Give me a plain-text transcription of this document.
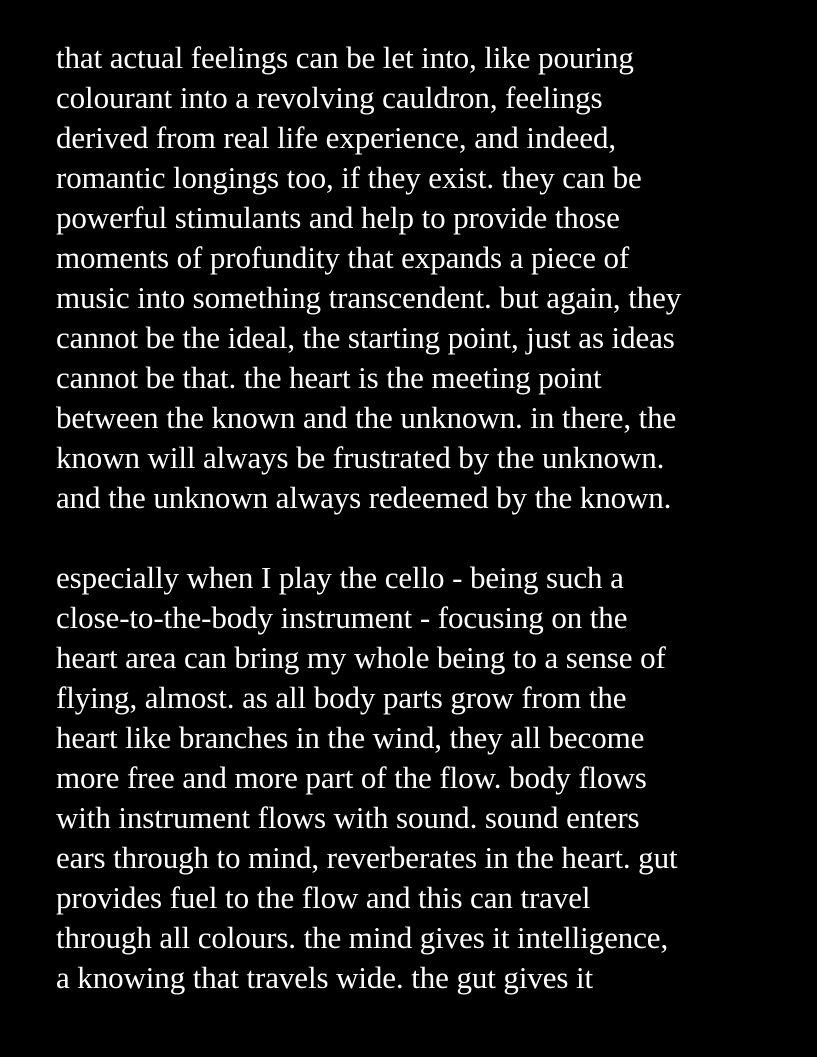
that actual feelings can be let into, like pouring
colourant into a revolving cauldron, feelings
derived from real life experience, and indeed,
romantic longings too, if they exist. they can be
powerful stimulants and help to provide those
moments of profundity that expands a piece of
music into something transcendent. but again, they
cannot be the ideal, the starting point, just as ideas
cannot be that. the heart is the meeting point
between the known and the unknown. in there, the
known will always be frustrated by the unknown.
and the unknown always redeemed by the known.
especially when I play the cello - being such a
close-to-the-body instrument - focusing on the
heart area can bring my whole being to a sense of
flying, almost. as all body parts grow from the
heart like branches in the wind, they all become
more free and more part of the flow. body flows
with instrument flows with sound. sound enters
ears through to mind, reverberates in the heart. gut
provides fuel to the flow and this can travel
through all colours. the mind gives it intelligence,
a knowing that travels wide. the gut gives it
